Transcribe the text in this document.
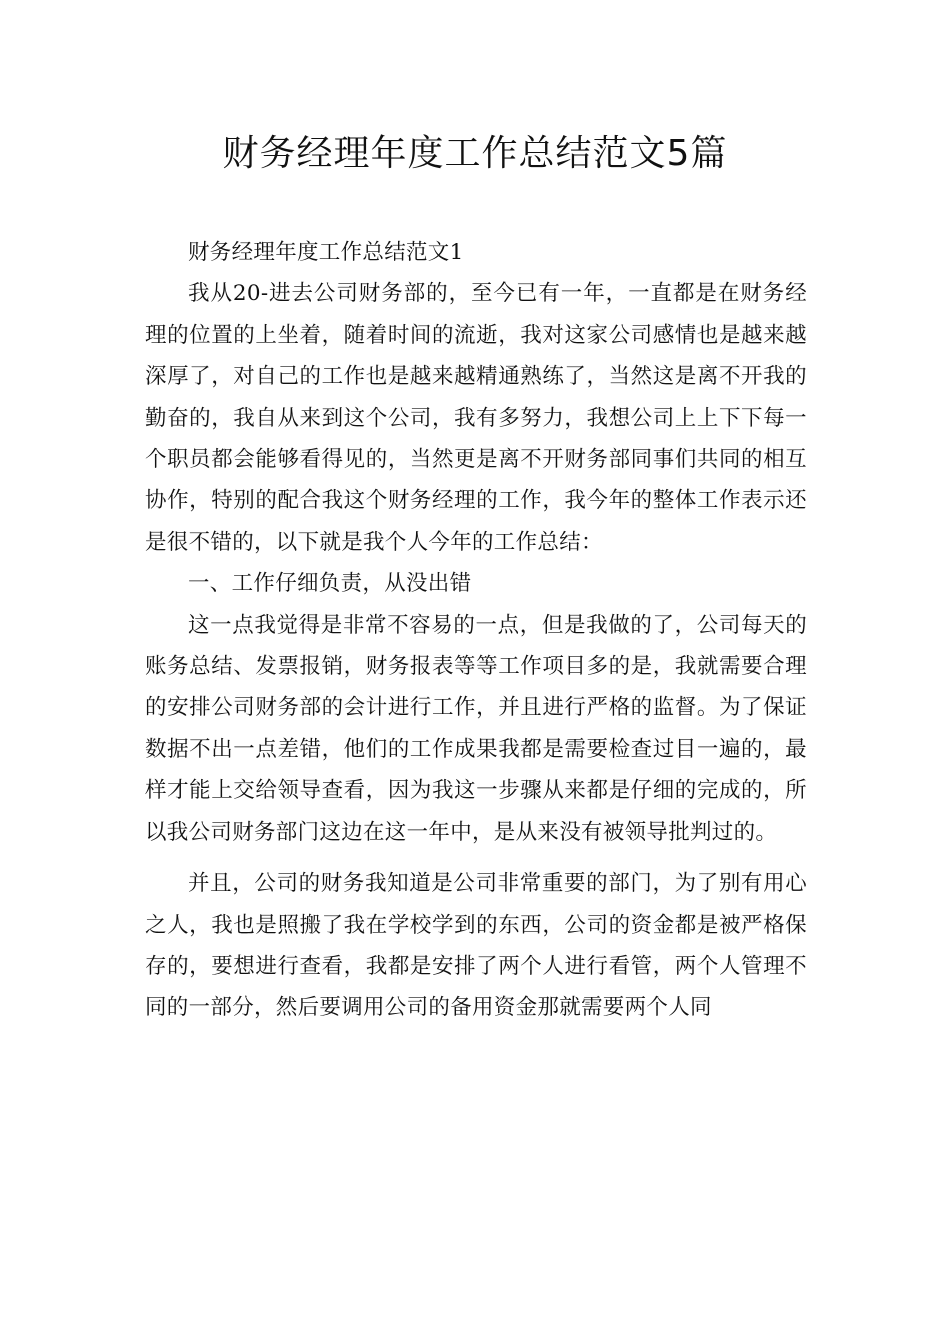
财务经理年度工作总结范文5篇

财务经理年度工作总结范文1

我从20-进去公司财务部的，至今已有一年，一直都是在财务经理的位置的上坐着，随着时间的流逝，我对这家公司感情也是越来越深厚了，对自己的工作也是越来越精通熟练了，当然这是离不开我的勤奋的，我自从来到这个公司，我有多努力，我想公司上上下下每一个职员都会能够看得见的，当然更是离不开财务部同事们共同的相互协作，特别的配合我这个财务经理的工作，我今年的整体工作表示还是很不错的，以下就是我个人今年的工作总结：

一、工作仔细负责，从没出错

这一点我觉得是非常不容易的一点，但是我做的了，公司每天的账务总结、发票报销，财务报表等等工作项目多的是，我就需要合理的安排公司财务部的会计进行工作，并且进行严格的监督。为了保证数据不出一点差错，他们的工作成果我都是需要检查过目一遍的，最样才能上交给领导查看，因为我这一步骤从来都是仔细的完成的，所以我公司财务部门这边在这一年中，是从来没有被领导批判过的。

并且，公司的财务我知道是公司非常重要的部门，为了别有用心之人，我也是照搬了我在学校学到的东西，公司的资金都是被严格保存的，要想进行查看，我都是安排了两个人进行看管，两个人管理不同的一部分，然后要调用公司的备用资金那就需要两个人同
